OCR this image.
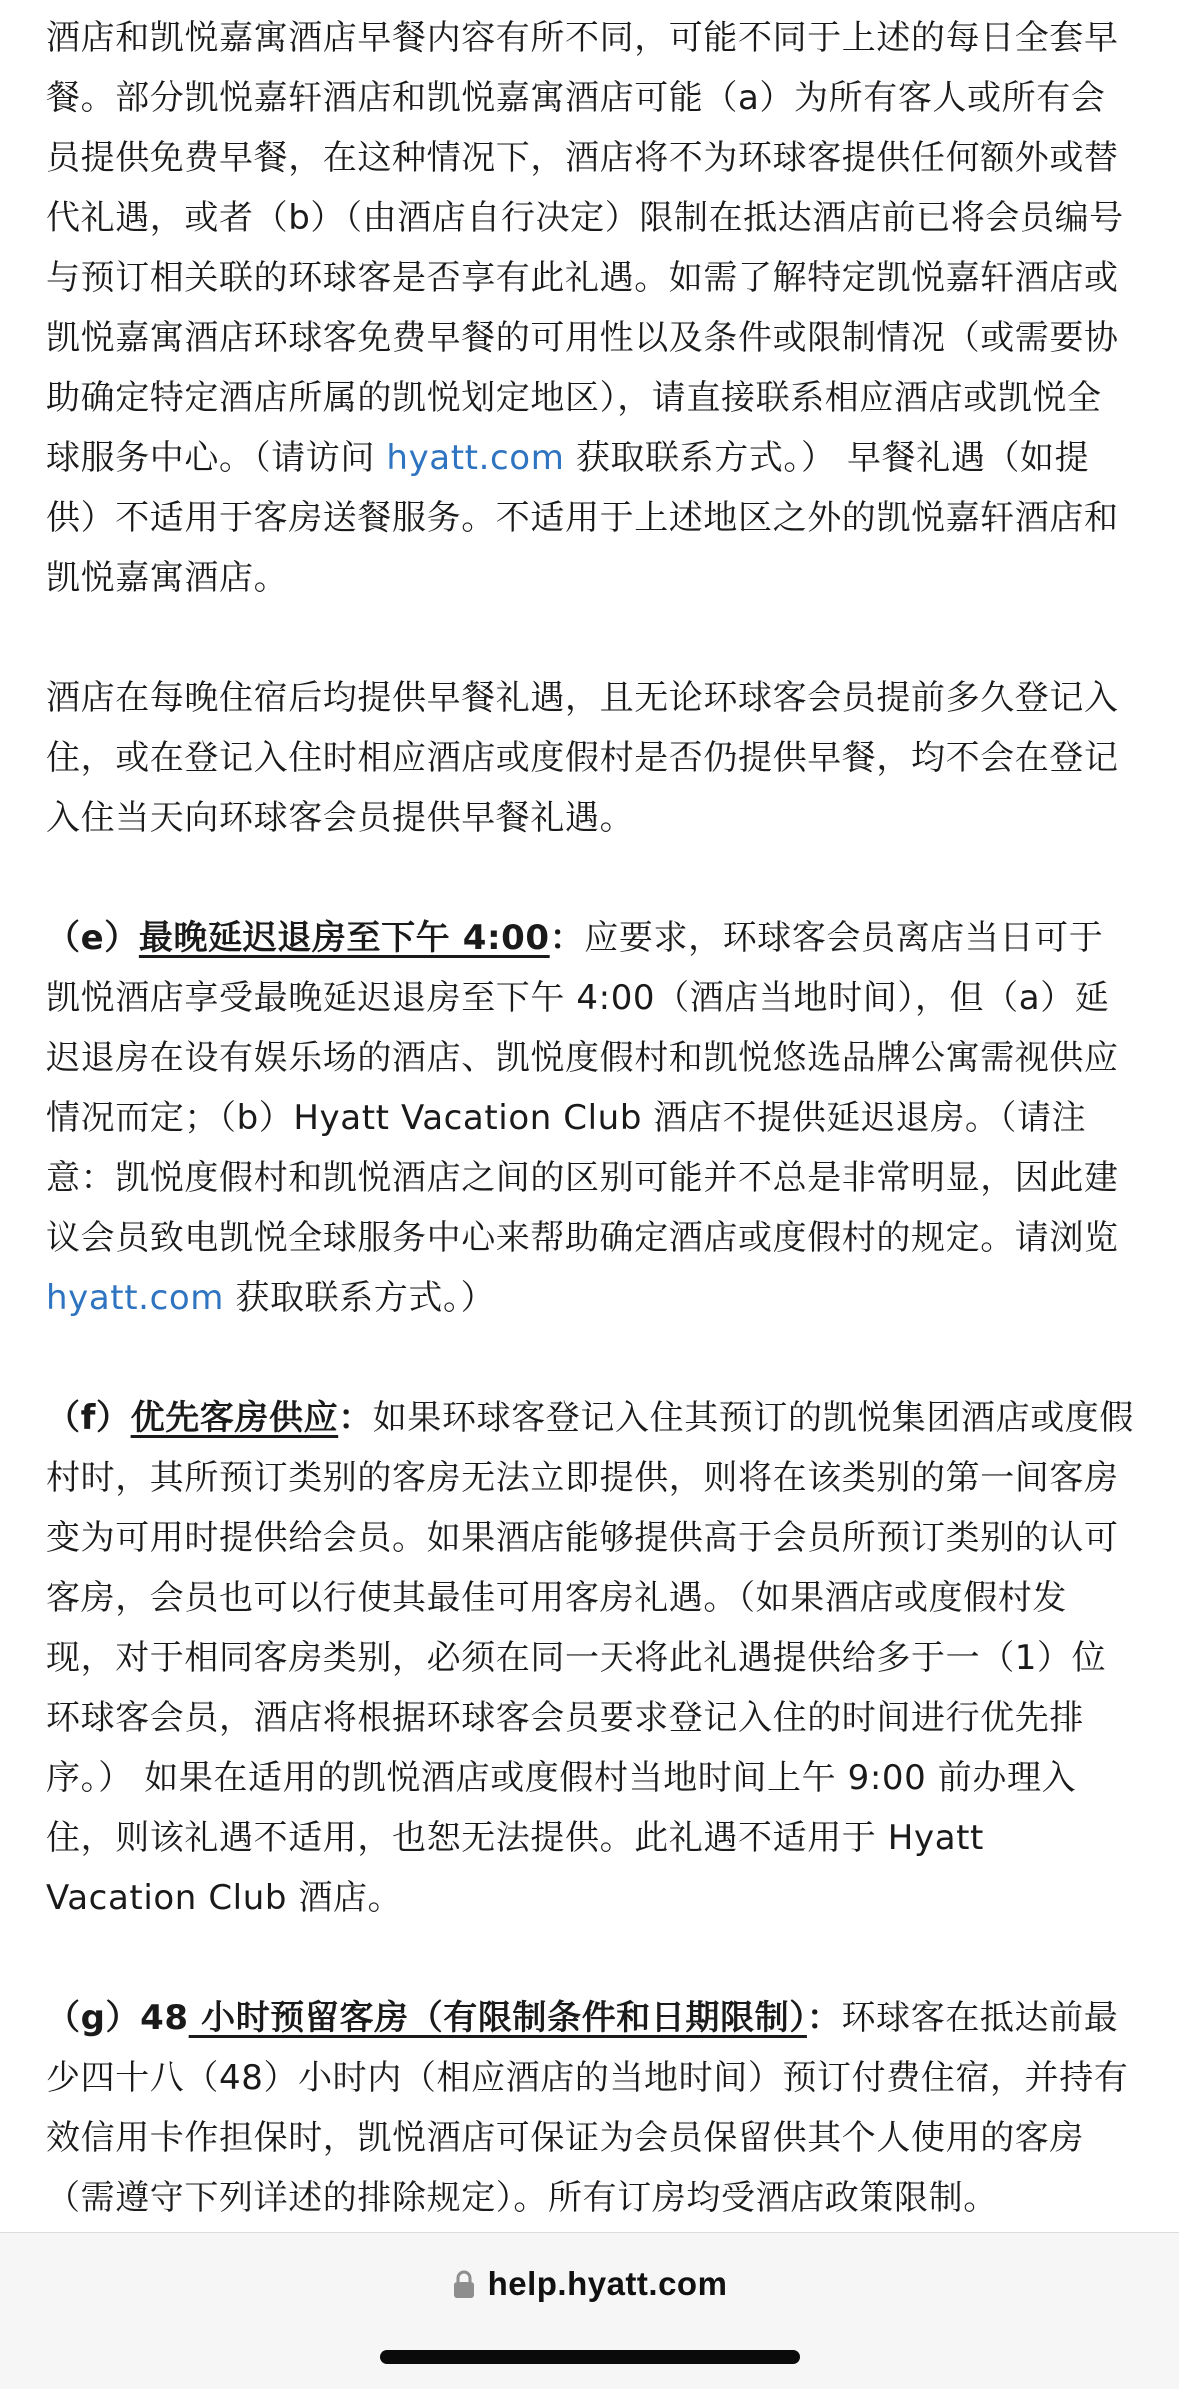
酒店和凯悦嘉寓酒店早餐内容有所不同，可能不同于上述的每日全套早餐。部分凯悦嘉轩酒店和凯悦嘉寓酒店可能（a）为所有客人或所有会员提供免费早餐，在这种情况下，酒店将不为环球客提供任何额外或替代礼遇，或者（b）（由酒店自行决定）限制在抵达酒店前已将会员编号与预订相关联的环球客是否享有此礼遇。如需了解特定凯悦嘉轩酒店或凯悦嘉寓酒店环球客免费早餐的可用性以及条件或限制情况（或需要协助确定特定酒店所属的凯悦划定地区），请直接联系相应酒店或凯悦全球服务中心。（请访问 hyatt.com 获取联系方式。） 早餐礼遇（如提供）不适用于客房送餐服务。不适用于上述地区之外的凯悦嘉轩酒店和凯悦嘉寓酒店。

酒店在每晚住宿后均提供早餐礼遇，且无论环球客会员提前多久登记入住，或在登记入住时相应酒店或度假村是否仍提供早餐，均不会在登记入住当天向环球客会员提供早餐礼遇。

（e）最晚延迟退房至下午 4:00：应要求，环球客会员离店当日可于凯悦酒店享受最晚延迟退房至下午 4:00（酒店当地时间），但（a）延迟退房在设有娱乐场的酒店、凯悦度假村和凯悦悠选品牌公寓需视供应情况而定；（b）Hyatt Vacation Club 酒店不提供延迟退房。（请注意：凯悦度假村和凯悦酒店之间的区别可能并不总是非常明显，因此建议会员致电凯悦全球服务中心来帮助确定酒店或度假村的规定。请浏览 hyatt.com 获取联系方式。）

（f）优先客房供应：如果环球客登记入住其预订的凯悦集团酒店或度假村时，其所预订类别的客房无法立即提供，则将在该类别的第一间客房变为可用时提供给会员。如果酒店能够提供高于会员所预订类别的认可客房，会员也可以行使其最佳可用客房礼遇。（如果酒店或度假村发现，对于相同客房类别，必须在同一天将此礼遇提供给多于一（1）位环球客会员，酒店将根据环球客会员要求登记入住的时间进行优先排序。） 如果在适用的凯悦酒店或度假村当地时间上午 9:00 前办理入住，则该礼遇不适用，也恕无法提供。此礼遇不适用于 Hyatt Vacation Club 酒店。

（g）48 小时预留客房（有限制条件和日期限制）：环球客在抵达前最少四十八（48）小时内（相应酒店的当地时间）预订付费住宿，并持有效信用卡作担保时，凯悦酒店可保证为会员保留供其个人使用的客房（需遵守下列详述的排除规定）。所有订房均受酒店政策限制。

help.hyatt.com
